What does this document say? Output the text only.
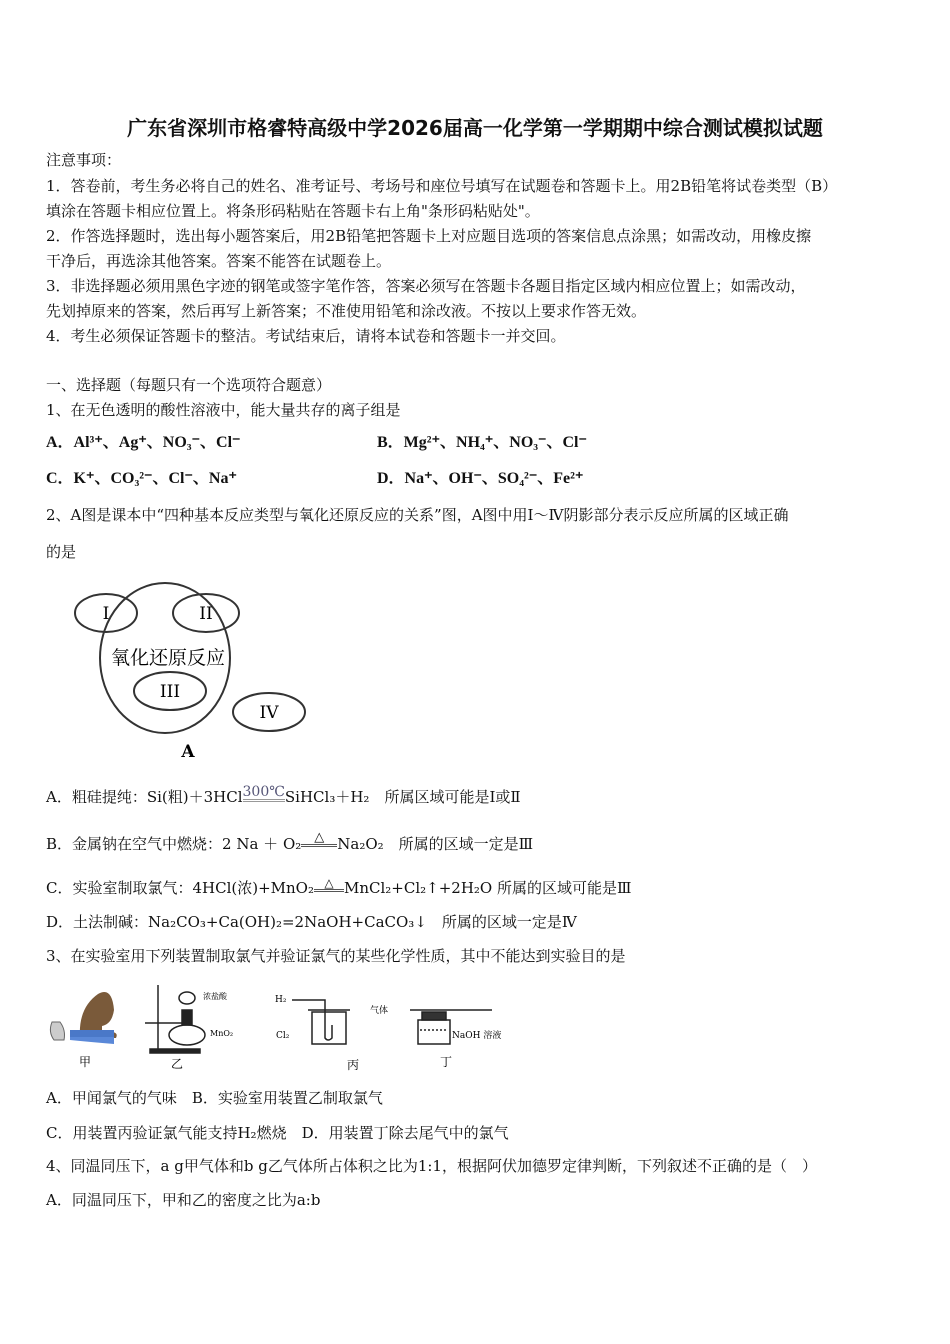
广东省深圳市格睿特高级中学2026届高一化学第一学期期中综合测试模拟试题
注意事项：
1．答卷前，考生务必将自己的姓名、准考证号、考场号和座位号填写在试题卷和答题卡上。用2B铅笔将试卷类型（B）
填涂在答题卡相应位置上。将条形码粘贴在答题卡右上角"条形码粘贴处"。
2．作答选择题时，选出每小题答案后，用2B铅笔把答题卡上对应题目选项的答案信息点涂黑；如需改动，用橡皮擦
干净后，再选涂其他答案。答案不能答在试题卷上。
3．非选择题必须用黑色字迹的钢笔或签字笔作答，答案必须写在答题卡各题目指定区域内相应位置上；如需改动，
先划掉原来的答案，然后再写上新答案；不准使用铅笔和涂改液。不按以上要求作答无效。
4．考生必须保证答题卡的整洁。考试结束后，请将本试卷和答题卡一并交回。
一、选择题（每题只有一个选项符合题意）
1、在无色透明的酸性溶液中，能大量共存的离子组是
A．Al³⁺、Ag⁺、NO₃⁻、Cl⁻	B．Mg²⁺、NH₄⁺、NO₃⁻、Cl⁻
C．K⁺、CO₃²⁻、Cl⁻、Na⁺	D．Na⁺、OH⁻、SO₄²⁻、Fe²⁺
2、A图是课本中“四种基本反应类型与氧化还原反应的关系”图，A图中用Ⅰ～Ⅳ阴影部分表示反应所属的区域正确
的是
I	II
III
IV
氧化还原反应
A
A．粗硅提纯：Si(粗)＋3HCl300℃SiHCl₃＋H₂　所属区域可能是Ⅰ或Ⅱ
B．金属钠在空气中燃烧：2 Na ＋ O₂ △ Na₂O₂　所属的区域一定是Ⅲ
C．实验室制取氯气：4HCl(浓)+MnO₂ △ MnCl₂+Cl₂↑+2H₂O 所属的区域可能是Ⅲ
D．土法制碱：Na₂CO₃+Ca(OH)₂=2NaOH+CaCO₃↓　所属的区域一定是Ⅳ
3、在实验室用下列装置制取氯气并验证氯气的某些化学性质，其中不能达到实验目的是
甲
浓盐酸
MnO₂
乙
H₂
Cl₂
丙
气体
NaOH 溶液
丁
A．甲闻氯气的气味　B．实验室用装置乙制取氯气
C．用装置丙验证氯气能支持H₂燃烧　D．用装置丁除去尾气中的氯气
4、同温同压下，a g甲气体和b g乙气体所占体积之比为1:1，根据阿伏加德罗定律判断，下列叙述不正确的是（　）
A．同温同压下，甲和乙的密度之比为a:b
